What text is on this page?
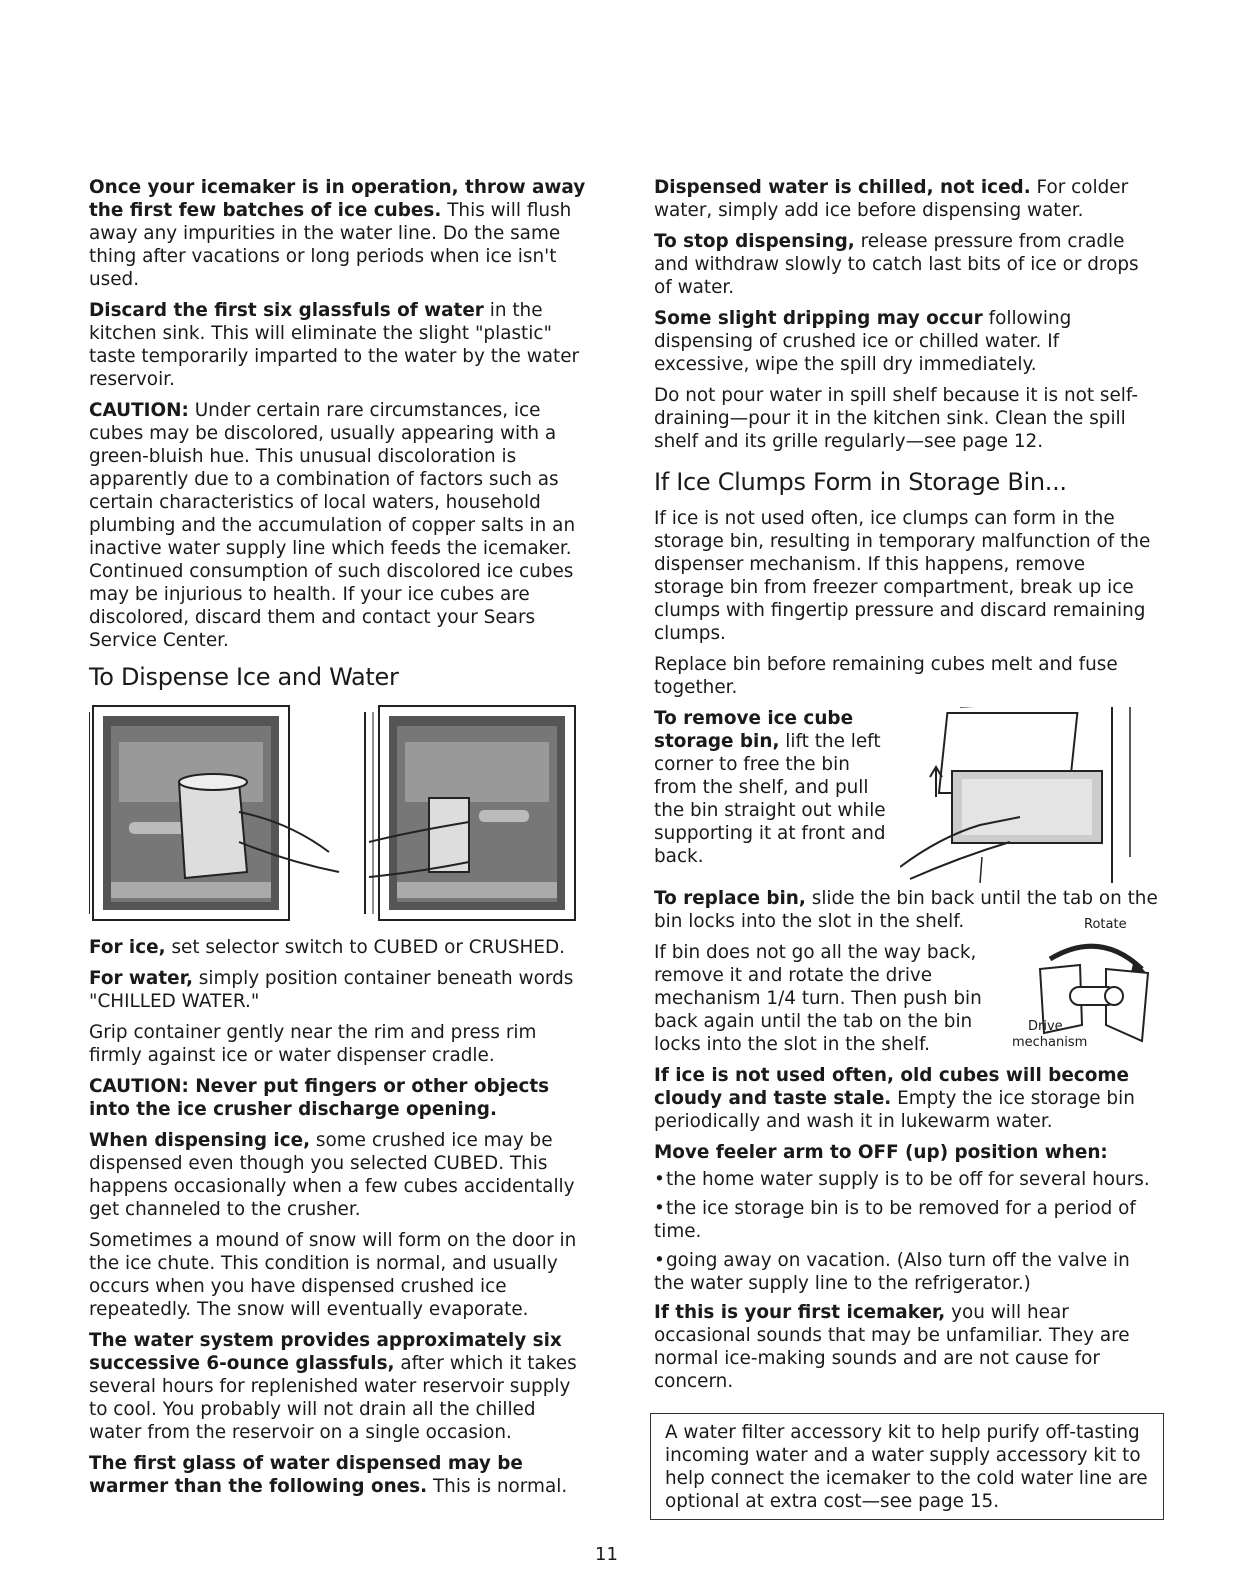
Once your icemaker is in operation, throw away the first few batches of ice cubes. This will flush away any impurities in the water line. Do the same thing after vacations or long periods when ice isn't used.

Discard the first six glassfuls of water in the kitchen sink. This will eliminate the slight "plastic" taste temporarily imparted to the water by the water reservoir.

CAUTION: Under certain rare circumstances, ice cubes may be discolored, usually appearing with a green-bluish hue. This unusual discoloration is apparently due to a combination of factors such as certain characteristics of local waters, household plumbing and the accumulation of copper salts in an inactive water supply line which feeds the icemaker. Continued consumption of such discolored ice cubes may be injurious to health. If your ice cubes are discolored, discard them and contact your Sears Service Center.

To Dispense Ice and Water

For ice, set selector switch to CUBED or CRUSHED.

For water, simply position container beneath words "CHILLED WATER."

Grip container gently near the rim and press rim firmly against ice or water dispenser cradle.

CAUTION: Never put fingers or other objects into the ice crusher discharge opening.

When dispensing ice, some crushed ice may be dispensed even though you selected CUBED. This happens occasionally when a few cubes accidentally get channeled to the crusher.

Sometimes a mound of snow will form on the door in the ice chute. This condition is normal, and usually occurs when you have dispensed crushed ice repeatedly. The snow will eventually evaporate.

The water system provides approximately six successive 6-ounce glassfuls, after which it takes several hours for replenished water reservoir supply to cool. You probably will not drain all the chilled water from the reservoir on a single occasion.

The first glass of water dispensed may be warmer than the following ones. This is normal.

Dispensed water is chilled, not iced. For colder water, simply add ice before dispensing water.

To stop dispensing, release pressure from cradle and withdraw slowly to catch last bits of ice or drops of water.

Some slight dripping may occur following dispensing of crushed ice or chilled water. If excessive, wipe the spill dry immediately.

Do not pour water in spill shelf because it is not self-draining—pour it in the kitchen sink. Clean the spill shelf and its grille regularly—see page 12.

If Ice Clumps Form in Storage Bin...

If ice is not used often, ice clumps can form in the storage bin, resulting in temporary malfunction of the dispenser mechanism. If this happens, remove storage bin from freezer compartment, break up ice clumps with fingertip pressure and discard remaining clumps.

Replace bin before remaining cubes melt and fuse together.

To remove ice cube storage bin, lift the left corner to free the bin from the shelf, and pull the bin straight out while supporting it at front and back.

To replace bin, slide the bin back until the tab on the bin locks into the slot in the shelf.	Rotate
Drive
mechanism

If bin does not go all the way back, remove it and rotate the drive mechanism 1/4 turn. Then push bin back again until the tab on the bin locks into the slot in the shelf.

If ice is not used often, old cubes will become cloudy and taste stale. Empty the ice storage bin periodically and wash it in lukewarm water.

Move feeler arm to OFF (up) position when:

•the home water supply is to be off for several hours.

•the ice storage bin is to be removed for a period of time.

•going away on vacation. (Also turn off the valve in the water supply line to the refrigerator.)

If this is your first icemaker, you will hear occasional sounds that may be unfamiliar. They are normal ice-making sounds and are not cause for concern.

A water filter accessory kit to help purify off-tasting incoming water and a water supply accessory kit to help connect the icemaker to the cold water line are optional at extra cost—see page 15.

11
